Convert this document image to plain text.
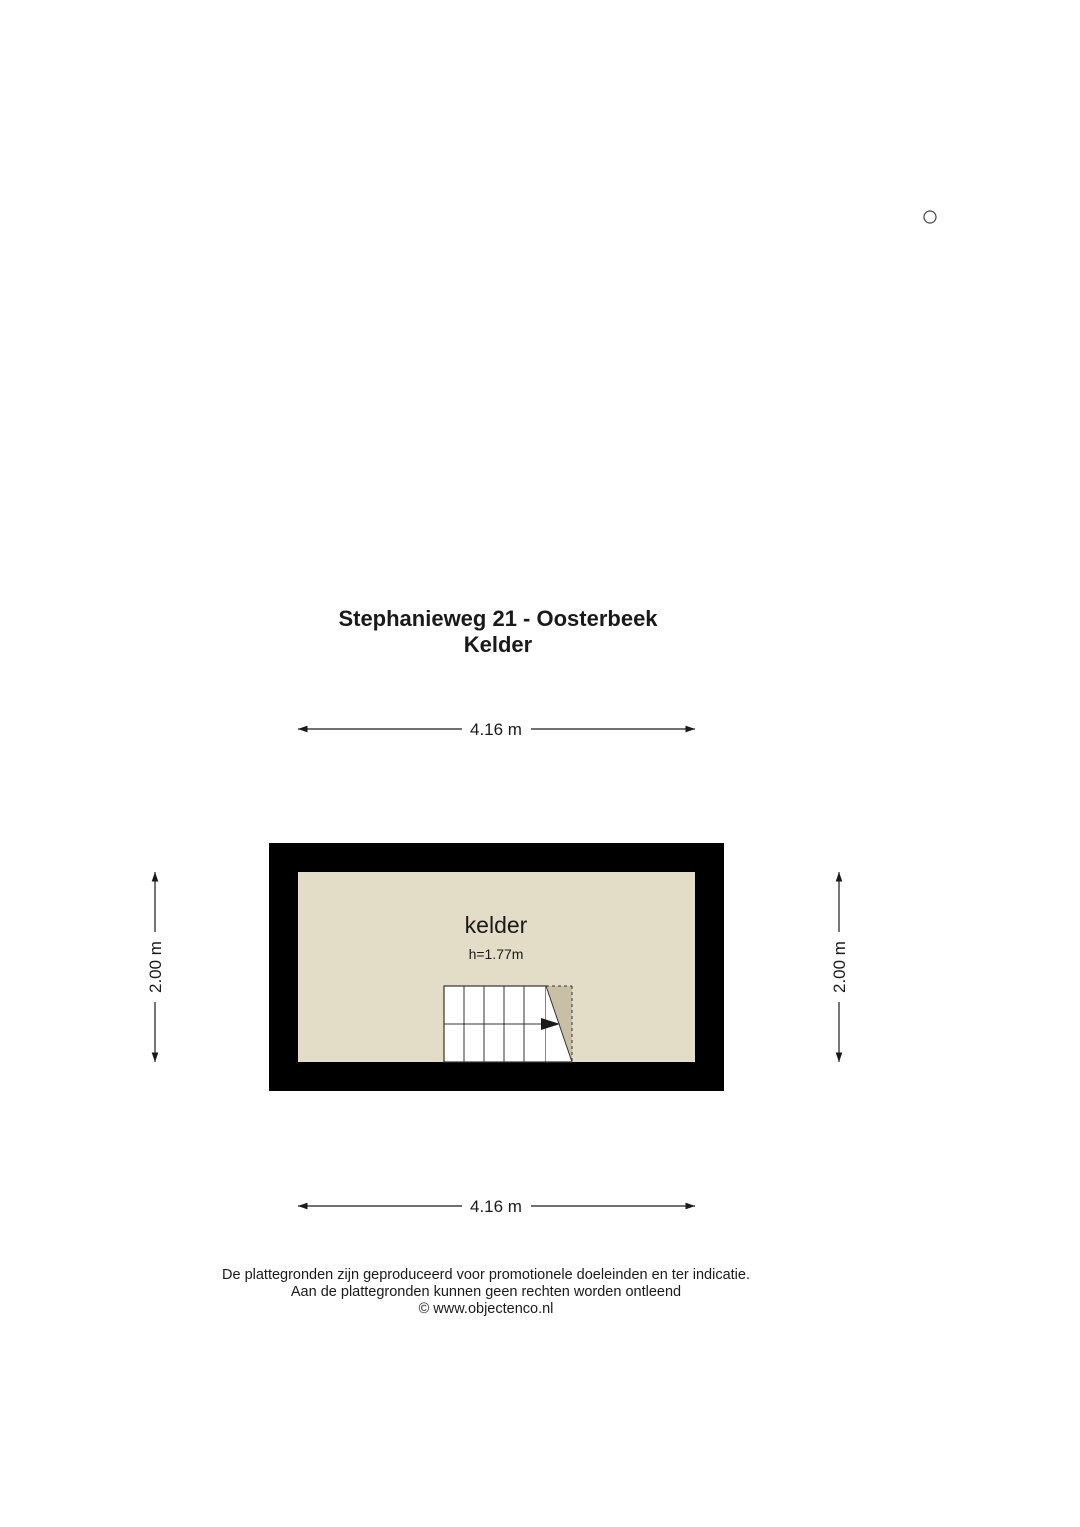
Stephanieweg 21 - Oosterbeek
Kelder
4.16 m
kelder
h=1.77m
2.00 m	2.00 m
4.16 m
De plattegronden zijn geproduceerd voor promotionele doeleinden en ter indicatie.
Aan de plattegronden kunnen geen rechten worden ontleend
© www.objectenco.nl
